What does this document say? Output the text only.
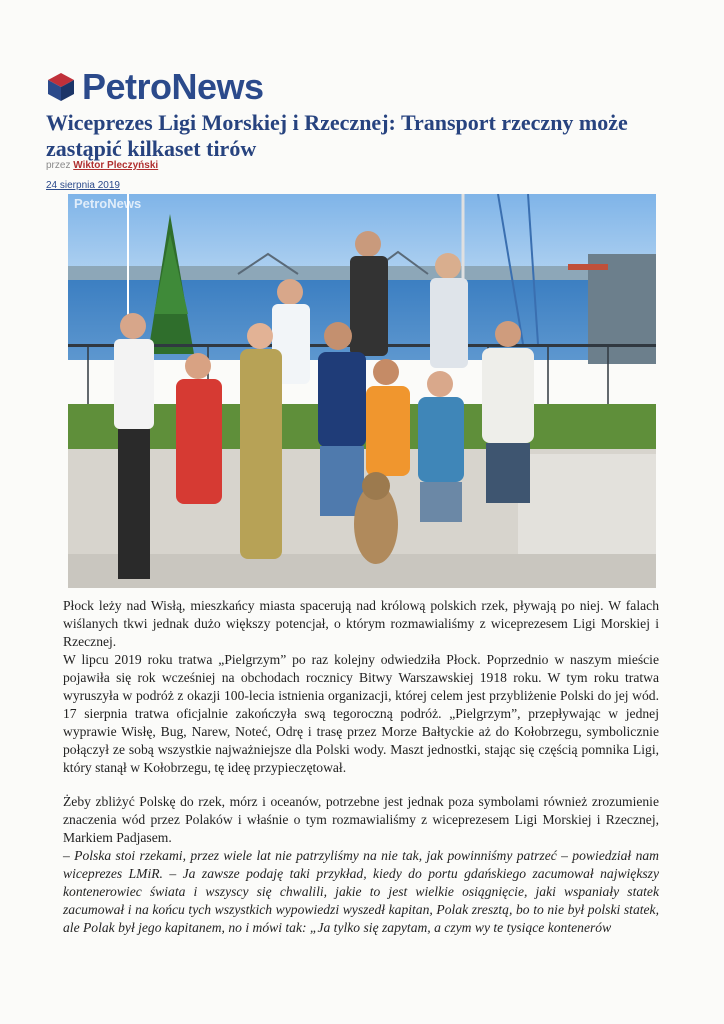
PetroNews
Wiceprezes Ligi Morskiej i Rzecznej: Transport rzeczny może zastąpić kilkaset tirów
przez Wiktor Pleczyński
24 sierpnia 2019
PetroNews

Płock leży nad Wisłą, mieszkańcy miasta spacerują nad królową polskich rzek, pływają po niej. W falach wiślanych tkwi jednak dużo większy potencjał, o którym rozmawialiśmy z wiceprezesem Ligi Morskiej i Rzecznej.

W lipcu 2019 roku tratwa „Pielgrzym” po raz kolejny odwiedziła Płock. Poprzednio w naszym mieście pojawiła się rok wcześniej na obchodach rocznicy Bitwy Warszawskiej 1918 roku. W tym roku tratwa wyruszyła w podróż z okazji 100-lecia istnienia organizacji, której celem jest przybliżenie Polski do jej wód. 17 sierpnia tratwa oficjalnie zakończyła swą tegoroczną podróż. „Pielgrzym”, przepływając w jednej wyprawie Wisłę, Bug, Narew, Noteć, Odrę i trasę przez Morze Bałtyckie aż do Kołobrzegu, symbolicznie połączył ze sobą wszystkie najważniejsze dla Polski wody. Maszt jednostki, stając się częścią pomnika Ligi, który stanął w Kołobrzegu, tę ideę przypieczętował.

Żeby zbliżyć Polskę do rzek, mórz i oceanów, potrzebne jest jednak poza symbolami również zrozumienie znaczenia wód przez Polaków i właśnie o tym rozmawialiśmy z wiceprezesem Ligi Morskiej i Rzecznej, Markiem Padjasem.

– Polska stoi rzekami, przez wiele lat nie patrzyliśmy na nie tak, jak powinniśmy patrzeć – powiedział nam wiceprezes LMiR. – Ja zawsze podaję taki przykład, kiedy do portu gdańskiego zacumował największy kontenerowiec świata i wszyscy się chwalili, jakie to jest wielkie osiągnięcie, jaki wspaniały statek zacumował i na końcu tych wszystkich wypowiedzi wyszedł kapitan, Polak zresztą, bo to nie był polski statek, ale Polak był jego kapitanem, no i mówi tak: „Ja tylko się zapytam, a czym wy te tysiące kontenerów
